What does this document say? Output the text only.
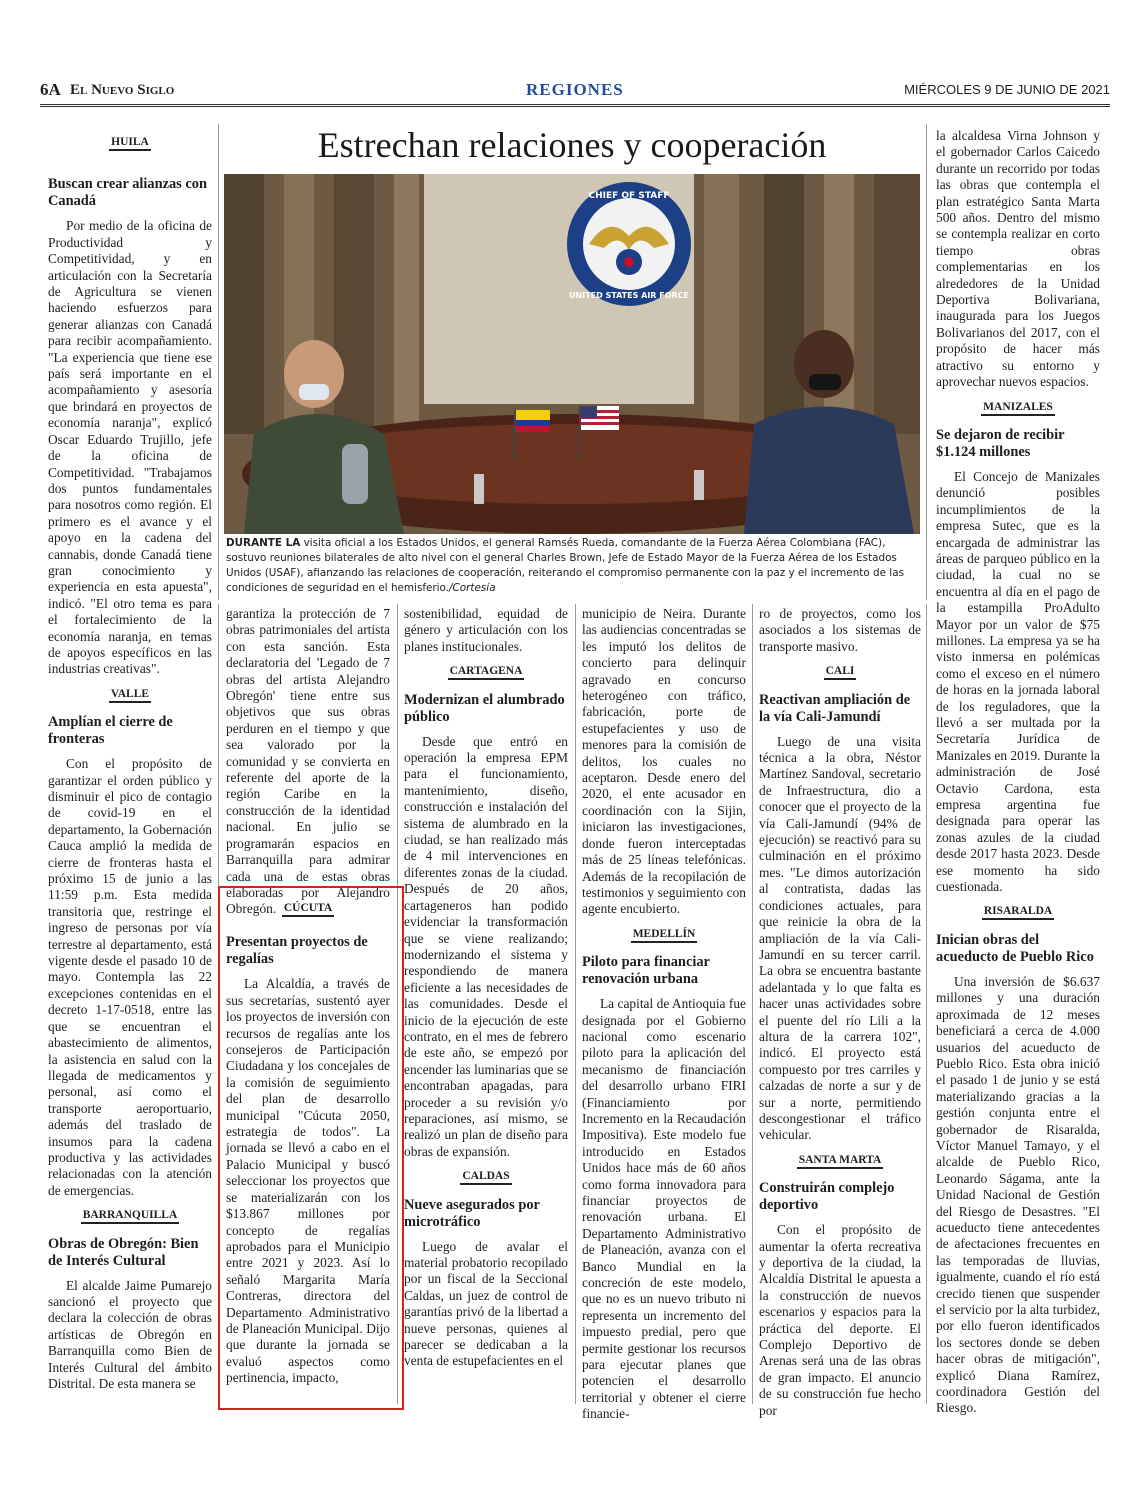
6A El Nuevo Siglo	REGIONES	MIÉRCOLES 9 DE JUNIO DE 2021
Estrechan relaciones y cooperación
CHIEF OF STAFF
UNITED STATES AIR FORCE
DURANTE LA visita oficial a los Estados Unidos, el general Ramsés Rueda, comandante de la Fuerza Aérea Colombiana (FAC), sostuvo reuniones bilaterales de alto nivel con el general Charles Brown, Jefe de Estado Mayor de la Fuerza Aérea de los Estados Unidos (USAF), afianzando las relaciones de cooperación, reiterando el compromiso permanente con la paz y el incremento de las condiciones de seguridad en el hemisferio./Cortesía
HUILA
Buscan crear alianzas con Canadá

Por medio de la oficina de Productividad y Competitividad, y en articulación con la Secretaría de Agricultura se vienen haciendo esfuerzos para generar alianzas con Canadá para recibir acompañamiento. "La experiencia que tiene ese país será importante en el acompañamiento y asesoría que brindará en proyectos de economía naranja", explicó Oscar Eduardo Trujillo, jefe de la oficina de Competitividad. "Trabajamos dos puntos fundamentales para nosotros como región. El primero es el avance y el apoyo en la cadena del cannabis, donde Canadá tiene gran conocimiento y experiencia en esta apuesta", indicó. "El otro tema es para el fortalecimiento de la economía naranja, en temas de apoyos específicos en las industrias creativas".

VALLE
Amplían el cierre de fronteras

Con el propósito de garantizar el orden público y disminuir el pico de contagio de covid-19 en el departamento, la Gobernación Cauca amplió la medida de cierre de fronteras hasta el próximo 15 de junio a las 11:59 p.m. Esta medida transitoria que, restringe el ingreso de personas por vía terrestre al departamento, está vigente desde el pasado 10 de mayo. Contempla las 22 excepciones contenidas en el decreto 1-17-0518, entre las que se encuentran el abastecimiento de alimentos, la asistencia en salud con la llegada de medicamentos y personal, así como el transporte aeroportuario, además del traslado de insumos para la cadena productiva y las actividades relacionadas con la atención de emergencias.

BARRANQUILLA
Obras de Obregón: Bien de Interés Cultural

El alcalde Jaime Pumarejo sancionó el proyecto que declara la colección de obras artísticas de Obregón en Barranquilla como Bien de Interés Cultural del ámbito Distrital. De esta manera se

garantiza la protección de 7 obras patrimoniales del artista con esta sanción. Esta declaratoria del 'Legado de 7 obras del artista Alejandro Obregón' tiene entre sus objetivos que sus obras perduren en el tiempo y que sea valorado por la comunidad y se convierta en referente del aporte de la región Caribe en la construcción de la identidad nacional. En julio se programarán espacios en Barranquilla para admirar cada una de estas obras elaboradas por Alejandro Obregón. CÚCUTA
Presentan proyectos de regalías

La Alcaldía, a través de sus secretarías, sustentó ayer los proyectos de inversión con recursos de regalías ante los consejeros de Participación Ciudadana y los concejales de la comisión de seguimiento del plan de desarrollo municipal "Cúcuta 2050, estrategia de todos". La jornada se llevó a cabo en el Palacio Municipal y buscó seleccionar los proyectos que se materializarán con los $13.867 millones por concepto de regalías aprobados para el Municipio entre 2021 y 2023. Así lo señaló Margarita María Contreras, directora del Departamento Administrativo de Planeación Municipal. Dijo que durante la jornada se evaluó aspectos como pertinencia, impacto,

sostenibilidad, equidad de género y articulación con los planes institucionales.

CARTAGENA
Modernizan el alumbrado público

Desde que entró en operación la empresa EPM para el funcionamiento, mantenimiento, diseño, construcción e instalación del sistema de alumbrado en la ciudad, se han realizado más de 4 mil intervenciones en diferentes zonas de la ciudad. Después de 20 años, cartageneros han podido evidenciar la transformación que se viene realizando; modernizando el sistema y respondiendo de manera eficiente a las necesidades de las comunidades. Desde el inicio de la ejecución de este contrato, en el mes de febrero de este año, se empezó por encender las luminarias que se encontraban apagadas, para proceder a su revisión y/o reparaciones, así mismo, se realizó un plan de diseño para obras de expansión.

CALDAS
Nueve asegurados por microtráfico

Luego de avalar el material probatorio recopilado por un fiscal de la Seccional Caldas, un juez de control de garantías privó de la libertad a nueve personas, quienes al parecer se dedicaban a la venta de estupefacientes en el

municipio de Neira. Durante las audiencias concentradas se les imputó los delitos de concierto para delinquir agravado en concurso heterogéneo con tráfico, fabricación, porte de estupefacientes y uso de menores para la comisión de delitos, los cuales no aceptaron. Desde enero del 2020, el ente acusador en coordinación con la Sijin, iniciaron las investigaciones, donde fueron interceptadas más de 25 líneas telefónicas. Además de la recopilación de testimonios y seguimiento con agente encubierto.

MEDELLÍN
Piloto para financiar renovación urbana

La capital de Antioquia fue designada por el Gobierno nacional como escenario piloto para la aplicación del mecanismo de financiación del desarrollo urbano FIRI (Financiamiento por Incremento en la Recaudación Impositiva). Este modelo fue introducido en Estados Unidos hace más de 60 años como forma innovadora para financiar proyectos de renovación urbana. El Departamento Administrativo de Planeación, avanza con el Banco Mundial en la concreción de este modelo, que no es un nuevo tributo ni representa un incremento del impuesto predial, pero que permite gestionar los recursos para ejecutar planes que potencien el desarrollo territorial y obtener el cierre financie-

ro de proyectos, como los asociados a los sistemas de transporte masivo.

CALI
Reactivan ampliación de la vía Cali-Jamundí

Luego de una visita técnica a la obra, Néstor Martínez Sandoval, secretario de Infraestructura, dio a conocer que el proyecto de la vía Cali-Jamundí (94% de ejecución) se reactivó para su culminación en el próximo mes. "Le dimos autorización al contratista, dadas las condiciones actuales, para que reinicie la obra de la ampliación de la vía Cali-Jamundí en su tercer carril. La obra se encuentra bastante adelantada y lo que falta es hacer unas actividades sobre el puente del río Lili a la altura de la carrera 102", indicó. El proyecto está compuesto por tres carriles y calzadas de norte a sur y de sur a norte, permitiendo descongestionar el tráfico vehicular.

SANTA MARTA
Construirán complejo deportivo

Con el propósito de aumentar la oferta recreativa y deportiva de la ciudad, la Alcaldía Distrital le apuesta a la construcción de nuevos escenarios y espacios para la práctica del deporte. El Complejo Deportivo de Arenas será una de las obras de gran impacto. El anuncio de su construcción fue hecho por

la alcaldesa Virna Johnson y el gobernador Carlos Caicedo durante un recorrido por todas las obras que contempla el plan estratégico Santa Marta 500 años. Dentro del mismo se contempla realizar en corto tiempo obras complementarias en los alrededores de la Unidad Deportiva Bolivariana, inaugurada para los Juegos Bolivarianos del 2017, con el propósito de hacer más atractivo su entorno y aprovechar nuevos espacios.

MANIZALES
Se dejaron de recibir $1.124 millones

El Concejo de Manizales denunció posibles incumplimientos de la empresa Sutec, que es la encargada de administrar las áreas de parqueo público en la ciudad, la cual no se encuentra al día en el pago de la estampilla ProAdulto Mayor por un valor de $75 millones. La empresa ya se ha visto inmersa en polémicas como el exceso en el número de horas en la jornada laboral de los reguladores, que la llevó a ser multada por la Secretaría Jurídica de Manizales en 2019. Durante la administración de José Octavio Cardona, esta empresa argentina fue designada para operar las zonas azules de la ciudad desde 2017 hasta 2023. Desde ese momento ha sido cuestionada.

RISARALDA
Inician obras del acueducto de Pueblo Rico

Una inversión de $6.637 millones y una duración aproximada de 12 meses beneficiará a cerca de 4.000 usuarios del acueducto de Pueblo Rico. Esta obra inició el pasado 1 de junio y se está materializando gracias a la gestión conjunta entre el gobernador de Risaralda, Víctor Manuel Tamayo, y el alcalde de Pueblo Rico, Leonardo Ságama, ante la Unidad Nacional de Gestión del Riesgo de Desastres. "El acueducto tiene antecedentes de afectaciones frecuentes en las temporadas de lluvias, igualmente, cuando el río está crecido tienen que suspender el servicio por la alta turbidez, por ello fueron identificados los sectores donde se deben hacer obras de mitigación", explicó Diana Ramírez, coordinadora Gestión del Riesgo.
